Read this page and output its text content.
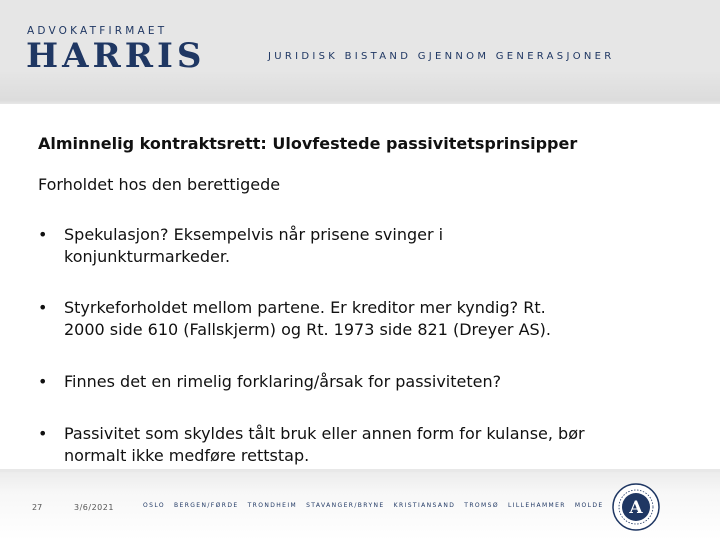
ADVOKATFIRMAET
HARRIS	JURIDISK BISTAND GJENNOM GENERASJONER
Alminnelig kontraktsrett: Ulovfestede passivitetsprinsipper
Forholdet hos den berettigede
•	Spekulasjon? Eksempelvis når prisene svinger i
konjunkturmarkeder.
•	Styrkeforholdet mellom partene. Er kreditor mer kyndig? Rt.
2000 side 610 (Fallskjerm) og Rt. 1973 side 821 (Dreyer AS).
•	Finnes det en rimelig forklaring/årsak for passiviteten?
•	Passivitet som skyldes tålt bruk eller annen form for kulanse, bør
normalt ikke medføre rettstap.
27	3/6/2021	OSLO BERGEN/FØRDE TRONDHEIM STAVANGER/BRYNE KRISTIANSAND TROMSØ LILLEHAMMER MOLDE A
